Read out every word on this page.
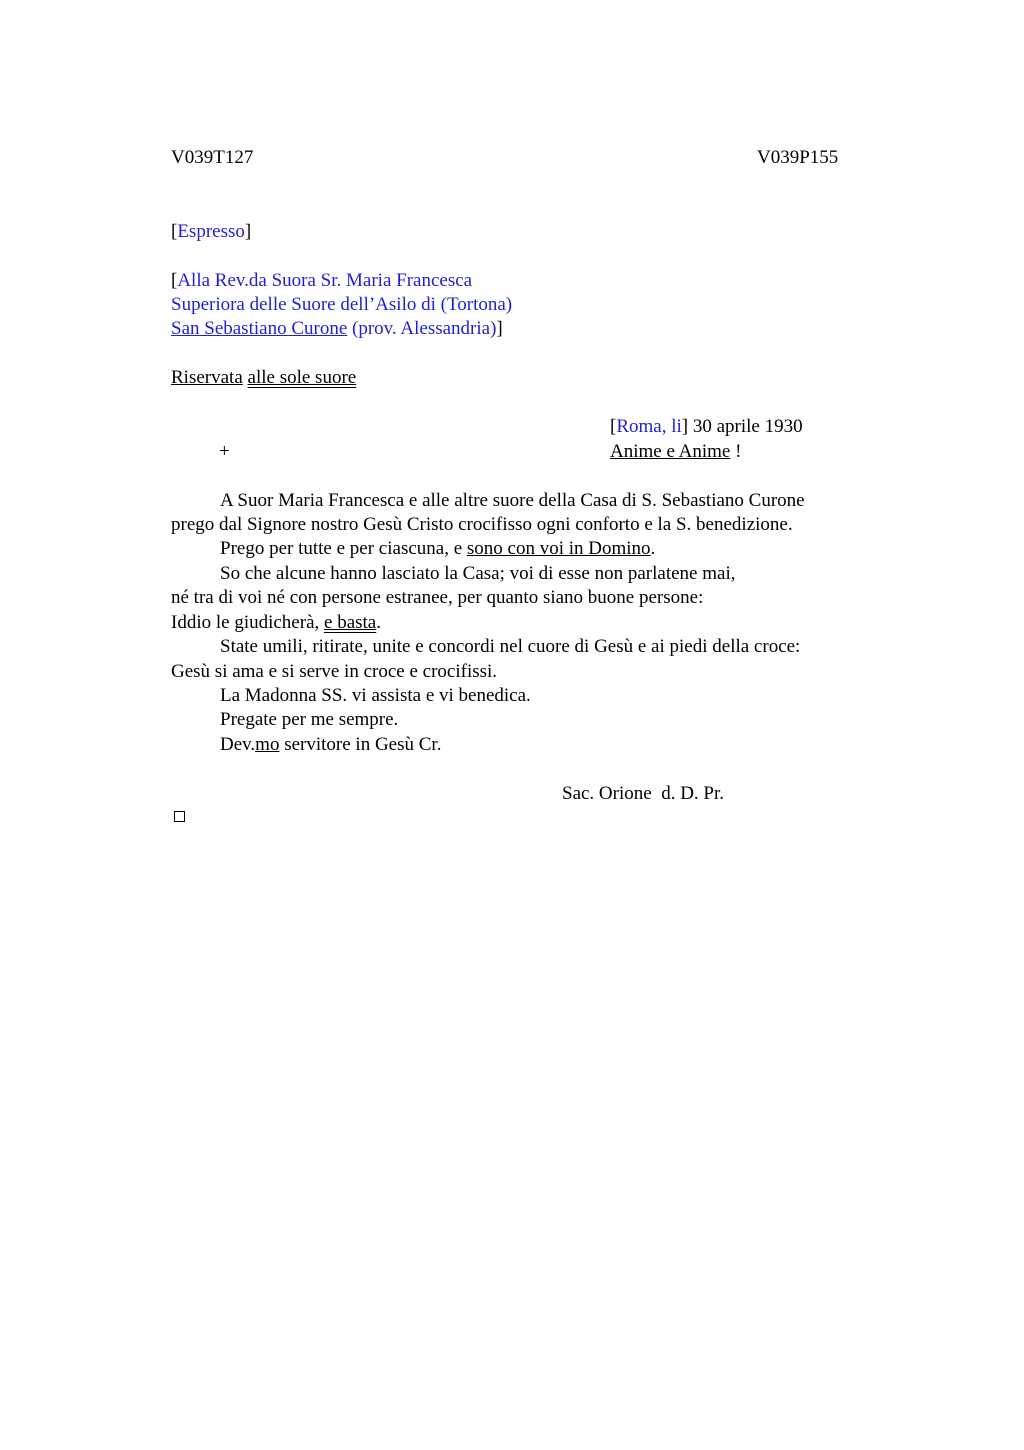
V039T127	V039P155
[Espresso]
[Alla Rev.da Suora Sr. Maria Francesca
Superiora delle Suore dell’Asilo di (Tortona)
San Sebastiano Curone (prov. Alessandria)]
Riservata alle sole suore
[Roma, li] 30 aprile 1930
+	Anime e Anime !
A Suor Maria Francesca e alle altre suore della Casa di S. Sebastiano Curone
prego dal Signore nostro Gesù Cristo crocifisso ogni conforto e la S. benedizione.
Prego per tutte e per ciascuna, e sono con voi in Domino.
So che alcune hanno lasciato la Casa; voi di esse non parlatene mai,
né tra di voi né con persone estranee, per quanto siano buone persone:
Iddio le giudicherà, e basta.
State umili, ritirate, unite e concordi nel cuore di Gesù e ai piedi della croce:
Gesù si ama e si serve in croce e crocifissi.
La Madonna SS. vi assista e vi benedica.
Pregate per me sempre.
Dev.mo servitore in Gesù Cr.
Sac. Orione  d. D. Pr.
